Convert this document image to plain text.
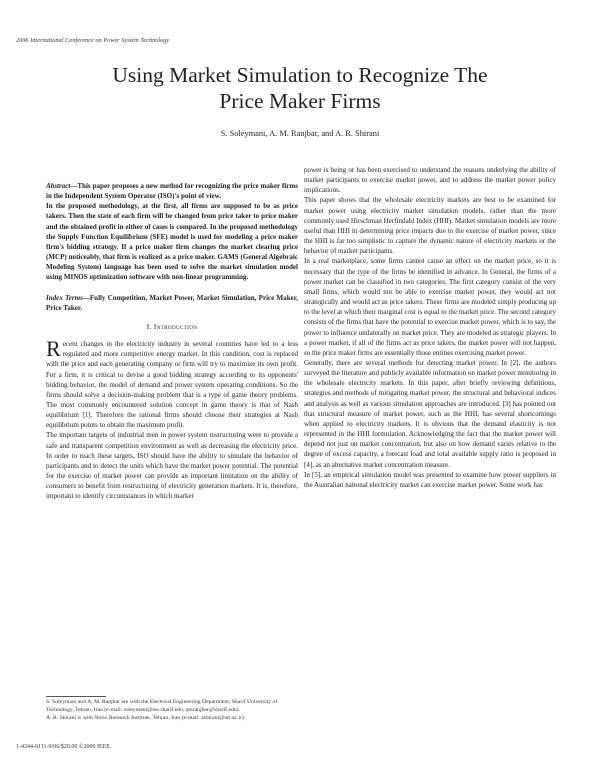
2006 International Conference on Power System Technology
Using Market Simulation to Recognize The
Price Maker Firms
S. Soleymani, A. M. Ranjbar, and A. R. Shirani

Abstract—This paper proposes a new method for recognizing the price maker firms in the Independent System Operator (ISO)'s point of view.

In the proposed methodology, at the first, all firms are supposed to be as price takers. Then the state of each firm will be changed from price taker to price maker and the obtained profit in either of cases is compared. In the proposed methodology the Supply Function Equilibrium (SFE) model is used for modeling a price maker firm's bidding strategy. If a price maker firm changes the market clearing price (MCP) noticeably, that firm is realized as a price maker. GAMS (General Algebraic Modeling System) language has been used to solve the market simulation model using MINOS optimization software with non-linear programming.

Index Terms—Fully Competition, Market Power, Market Simulation, Price Maker, Price Taker.

I. Introduction

Recent changes in the electricity industry in several countries have led to a less regulated and more competitive energy market. In this condition, cost is replaced with the price and each generating company or firm will try to maximize its own profit. For a firm, it is critical to devise a good bidding strategy according to its opponents' bidding behavior, the model of demand and power system operating conditions. So the firms should solve a decision-making problem that is a type of game theory problems. The most commonly encountered solution concept in game theory is that of Nash equilibrium [1]. Therefore the rational firms should choose their strategies at Nash equilibrium points to obtain the maximum profit.

The important targets of industrial men in power system restructuring were to provide a safe and transparent competition environment as well as decreasing the electricity price. In order to reach these targets, ISO should have the ability to simulate the behavior of participants and to detect the units which have the market power potential. The potential for the exercise of market power can provide an important limitation on the ability of consumers to benefit from restructuring of electricity generation markets. It is, therefore, important to identify circumstances in which market

power is being or has been exercised to understand the reasons underlying the ability of market participants to exercise market power, and to address the market power policy implications.

This paper shows that the wholesale electricity markets are best to be examined for market power using electricity market simulation models, rather than the more commonly used Hirschman Herfindahl Index (HHI). Market simulation models are more useful than HHI in determining price impacts due to the exercise of market power, since the HHI is far too simplistic to capture the dynamic nature of electricity markets or the behavior of market participants.

In a real marketplace, some firms cannot cause an effect on the market price, so it is necessary that the type of the firms be identified in advance. In General, the firms of a power market can be classified in two categories. The first category consist of the very small firms, which would not be able to exercise market power, they would act not strategically and would act as price takers. These firms are modeled simply producing up to the level at which their marginal cost is equal to the market price. The second category consists of the firms that have the potential to exercise market power, which is to say, the power to influence unilaterally on market price. They are modeled as strategic players. In a power market, if all of the firms act as price takers, the market power will not happen, so the price maker firms are essentially those entities exercising market power.

Generally, there are several methods for detecting market power. In [2], the authors surveyed the literature and publicly available information on market power monitoring in the wholesale electricity markets. In this paper, after briefly reviewing definitions, strategies and methods of mitigating market power, the structural and behavioral indices and analysis as well as various simulation approaches are introduced. [3] has pointed out that structural measure of market power, such as the HHI, has several shortcomings when applied to electricity markets. It is obvious that the demand elasticity is not represented in the HHI formulation. Acknowledging the fact that the market power will depend not just on market concentration, but also on how demand varies relative to the degree of excess capacity, a forecast load and total available supply ratio is proposed in [4], as an alternative market concentration measure.

In [5], an empirical simulation model was presented to examine how power suppliers in the Australian national electricity market can exercise market power. Some work has

S. Soleymani and A. M. Ranjbar are with the Electrical Engineering Department, Sharif University of Technology, Tehran, Iran (e-mail: soleymani@iee.sharif.edu, amranjbar@sharif.edu).

A. R. Shirani is with Niroo Research Institute, Tehran, Iran (e-mail: ashirani@nri.ac.ir).

1-4244-0111-9/06/$20.00 ©2006 IEEE.
